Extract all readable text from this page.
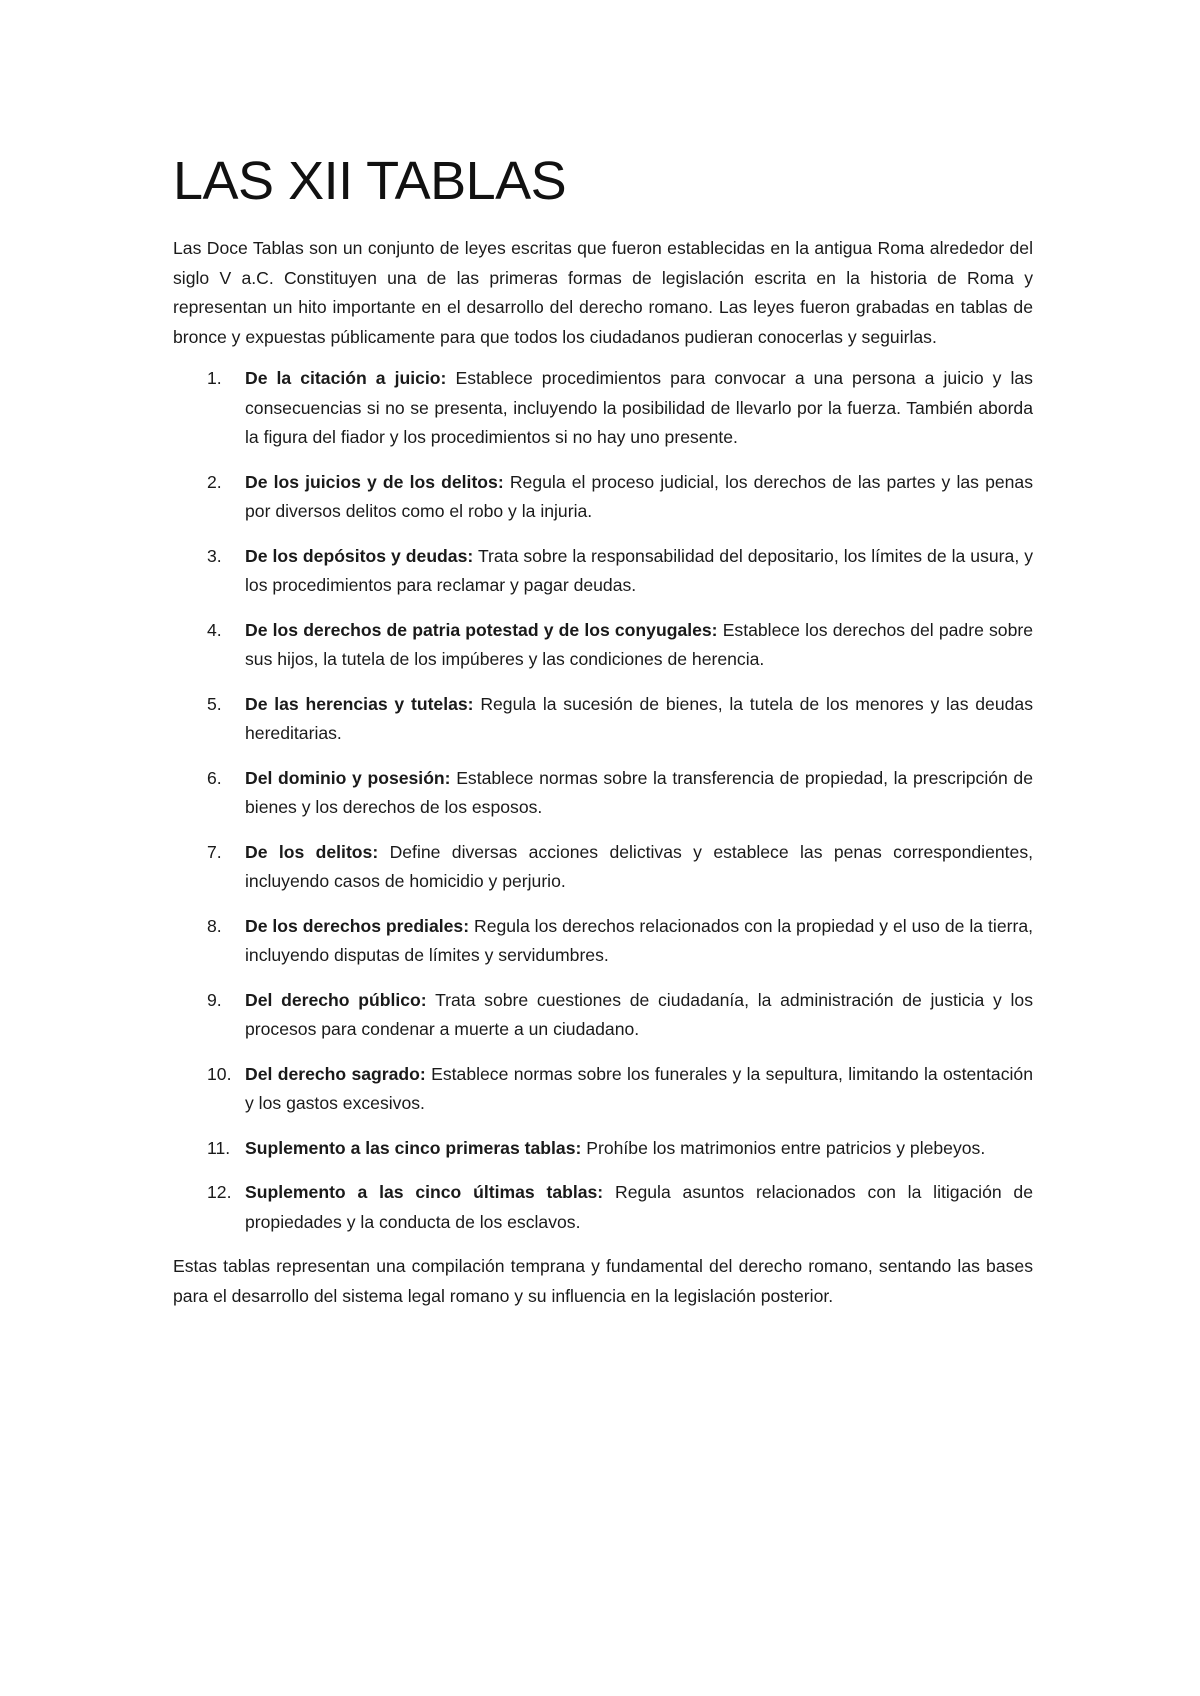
LAS XII TABLAS

Las Doce Tablas son un conjunto de leyes escritas que fueron establecidas en la antigua Roma alrededor del siglo V a.C. Constituyen una de las primeras formas de legislación escrita en la historia de Roma y representan un hito importante en el desarrollo del derecho romano. Las leyes fueron grabadas en tablas de bronce y expuestas públicamente para que todos los ciudadanos pudieran conocerlas y seguirlas.

1.	De la citación a juicio: Establece procedimientos para convocar a una persona a juicio y las consecuencias si no se presenta, incluyendo la posibilidad de llevarlo por la fuerza. También aborda la figura del fiador y los procedimientos si no hay uno presente.
2.	De los juicios y de los delitos: Regula el proceso judicial, los derechos de las partes y las penas por diversos delitos como el robo y la injuria.
3.	De los depósitos y deudas: Trata sobre la responsabilidad del depositario, los límites de la usura, y los procedimientos para reclamar y pagar deudas.
4.	De los derechos de patria potestad y de los conyugales: Establece los derechos del padre sobre sus hijos, la tutela de los impúberes y las condiciones de herencia.
5.	De las herencias y tutelas: Regula la sucesión de bienes, la tutela de los menores y las deudas hereditarias.
6.	Del dominio y posesión: Establece normas sobre la transferencia de propiedad, la prescripción de bienes y los derechos de los esposos.
7.	De los delitos: Define diversas acciones delictivas y establece las penas correspondientes, incluyendo casos de homicidio y perjurio.
8.	De los derechos prediales: Regula los derechos relacionados con la propiedad y el uso de la tierra, incluyendo disputas de límites y servidumbres.
9.	Del derecho público: Trata sobre cuestiones de ciudadanía, la administración de justicia y los procesos para condenar a muerte a un ciudadano.
10. Del derecho sagrado: Establece normas sobre los funerales y la sepultura, limitando la ostentación y los gastos excesivos.
11. Suplemento a las cinco primeras tablas: Prohíbe los matrimonios entre patricios y plebeyos.
12. Suplemento a las cinco últimas tablas: Regula asuntos relacionados con la litigación de propiedades y la conducta de los esclavos.

Estas tablas representan una compilación temprana y fundamental del derecho romano, sentando las bases para el desarrollo del sistema legal romano y su influencia en la legislación posterior.
